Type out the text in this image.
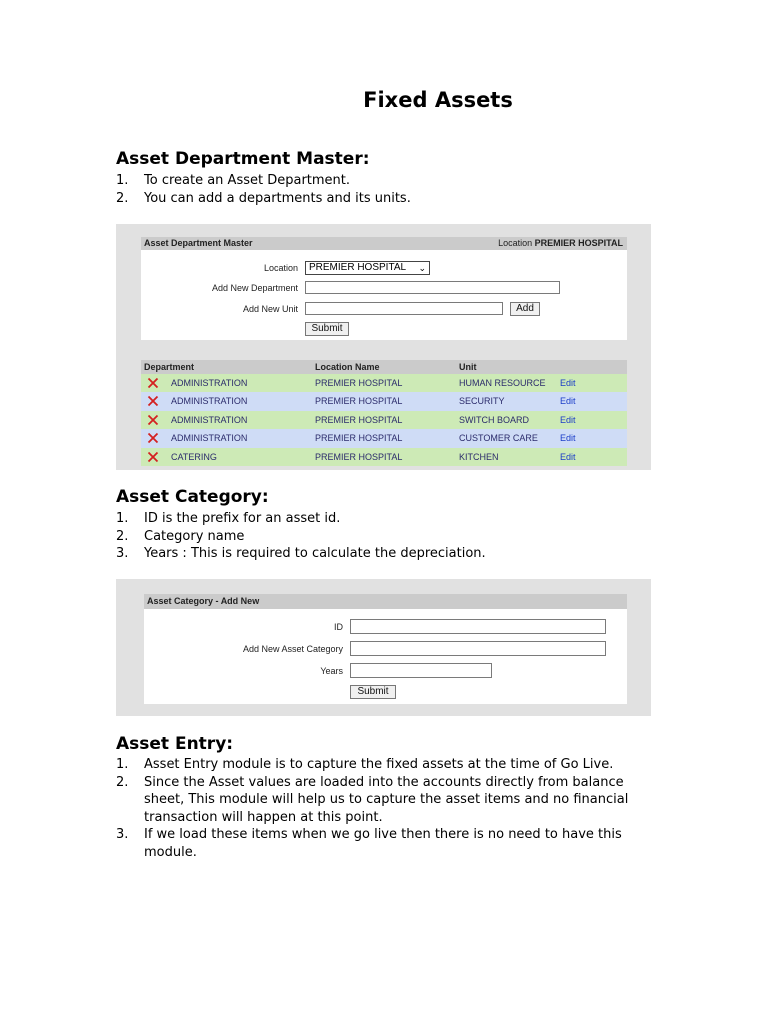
Fixed Assets
Asset Department Master:
1. To create an Asset Department.
2. You can add a departments and its units.
Asset Department Master	Location PREMIER HOSPITAL
Location	PREMIER HOSPITAL ⌄
Add New Department
Add New Unit	Add
Submit
Department	Location Name	Unit
ADMINISTRATION	PREMIER HOSPITAL	HUMAN RESOURCE Edit
ADMINISTRATION	PREMIER HOSPITAL	SECURITY	Edit
ADMINISTRATION	PREMIER HOSPITAL	SWITCH BOARD	Edit
ADMINISTRATION	PREMIER HOSPITAL	CUSTOMER CARE Edit
CATERING	PREMIER HOSPITAL	KITCHEN	Edit
Asset Category:
1. ID is the prefix for an asset id.
2. Category name
3. Years : This is required to calculate the depreciation.
Asset Category - Add New
ID
Add New Asset Category
Years
Submit
Asset Entry:
1. Asset Entry module is to capture the fixed assets at the time of Go Live.
2. Since the Asset values are loaded into the accounts directly from balance sheet, This module will help us to capture the asset items and no financial transaction will happen at this point.
3. If we load these items when we go live then there is no need to have this module.
